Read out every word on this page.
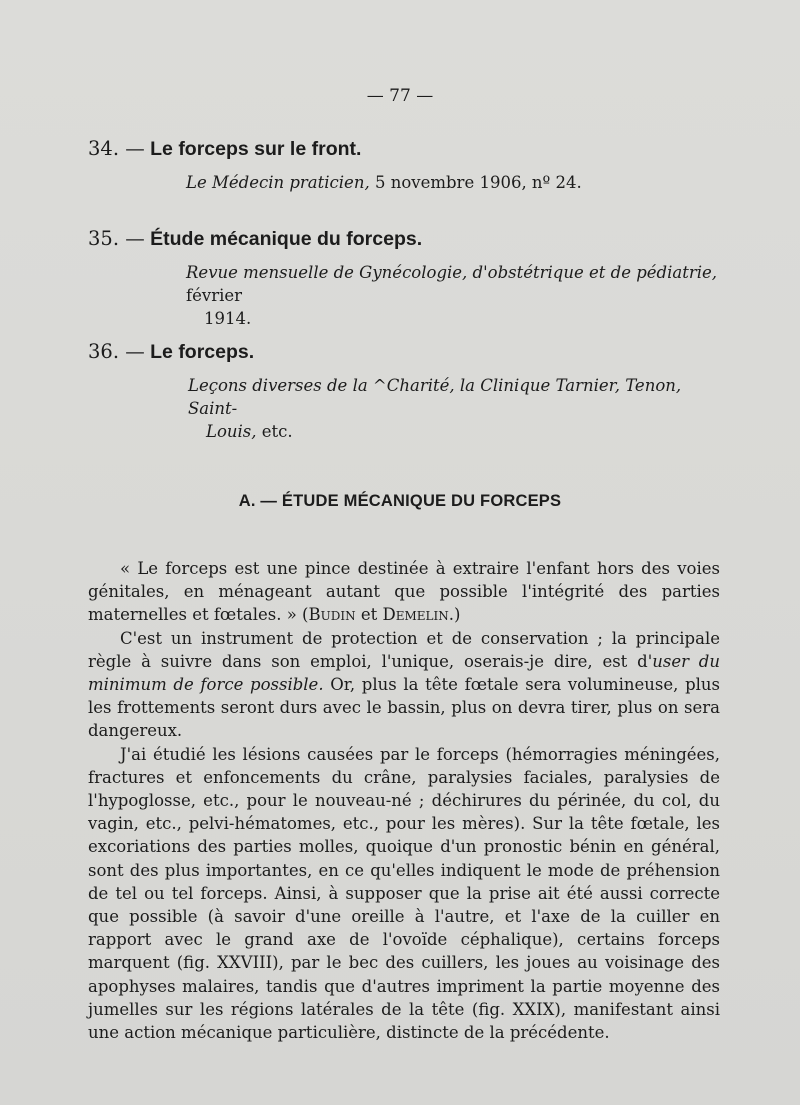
— 77 —
34. — Le forceps sur le front.
Le Médecin praticien, 5 novembre 1906, nº 24.
35. — Étude mécanique du forceps.
Revue mensuelle de Gynécologie, d'obstétrique et de pédiatrie, février
1914.
36. — Le forceps.
Leçons diverses de la ^Charité, la Clinique Tarnier, Tenon, Saint-
Louis, etc.
A. — ÉTUDE MÉCANIQUE DU FORCEPS

« Le forceps est une pince destinée à extraire l'enfant hors des voies génitales, en ménageant autant que possible l'intégrité des parties maternelles et fœtales. » (Budin et Demelin.)

C'est un instrument de protection et de conservation ; la principale règle à suivre dans son emploi, l'unique, oserais-je dire, est d'user du minimum de force possible. Or, plus la tête fœtale sera volumineuse, plus les frottements seront durs avec le bassin, plus on devra tirer, plus on sera dangereux.

J'ai étudié les lésions causées par le forceps (hémorragies méningées, fractures et enfoncements du crâne, paralysies faciales, paralysies de l'hypoglosse, etc., pour le nouveau-né ; déchirures du périnée, du col, du vagin, etc., pelvi-hématomes, etc., pour les mères). Sur la tête fœtale, les excoriations des parties molles, quoique d'un pronostic bénin en général, sont des plus importantes, en ce qu'elles indiquent le mode de préhension de tel ou tel forceps. Ainsi, à supposer que la prise ait été aussi correcte que possible (à savoir d'une oreille à l'autre, et l'axe de la cuiller en rapport avec le grand axe de l'ovoïde céphalique), certains forceps marquent (fig. XXVIII), par le bec des cuillers, les joues au voisinage des apophyses malaires, tandis que d'autres impriment la partie moyenne des jumelles sur les régions latérales de la tête (fig. XXIX), manifestant ainsi une action mécanique particulière, distincte de la précédente.
